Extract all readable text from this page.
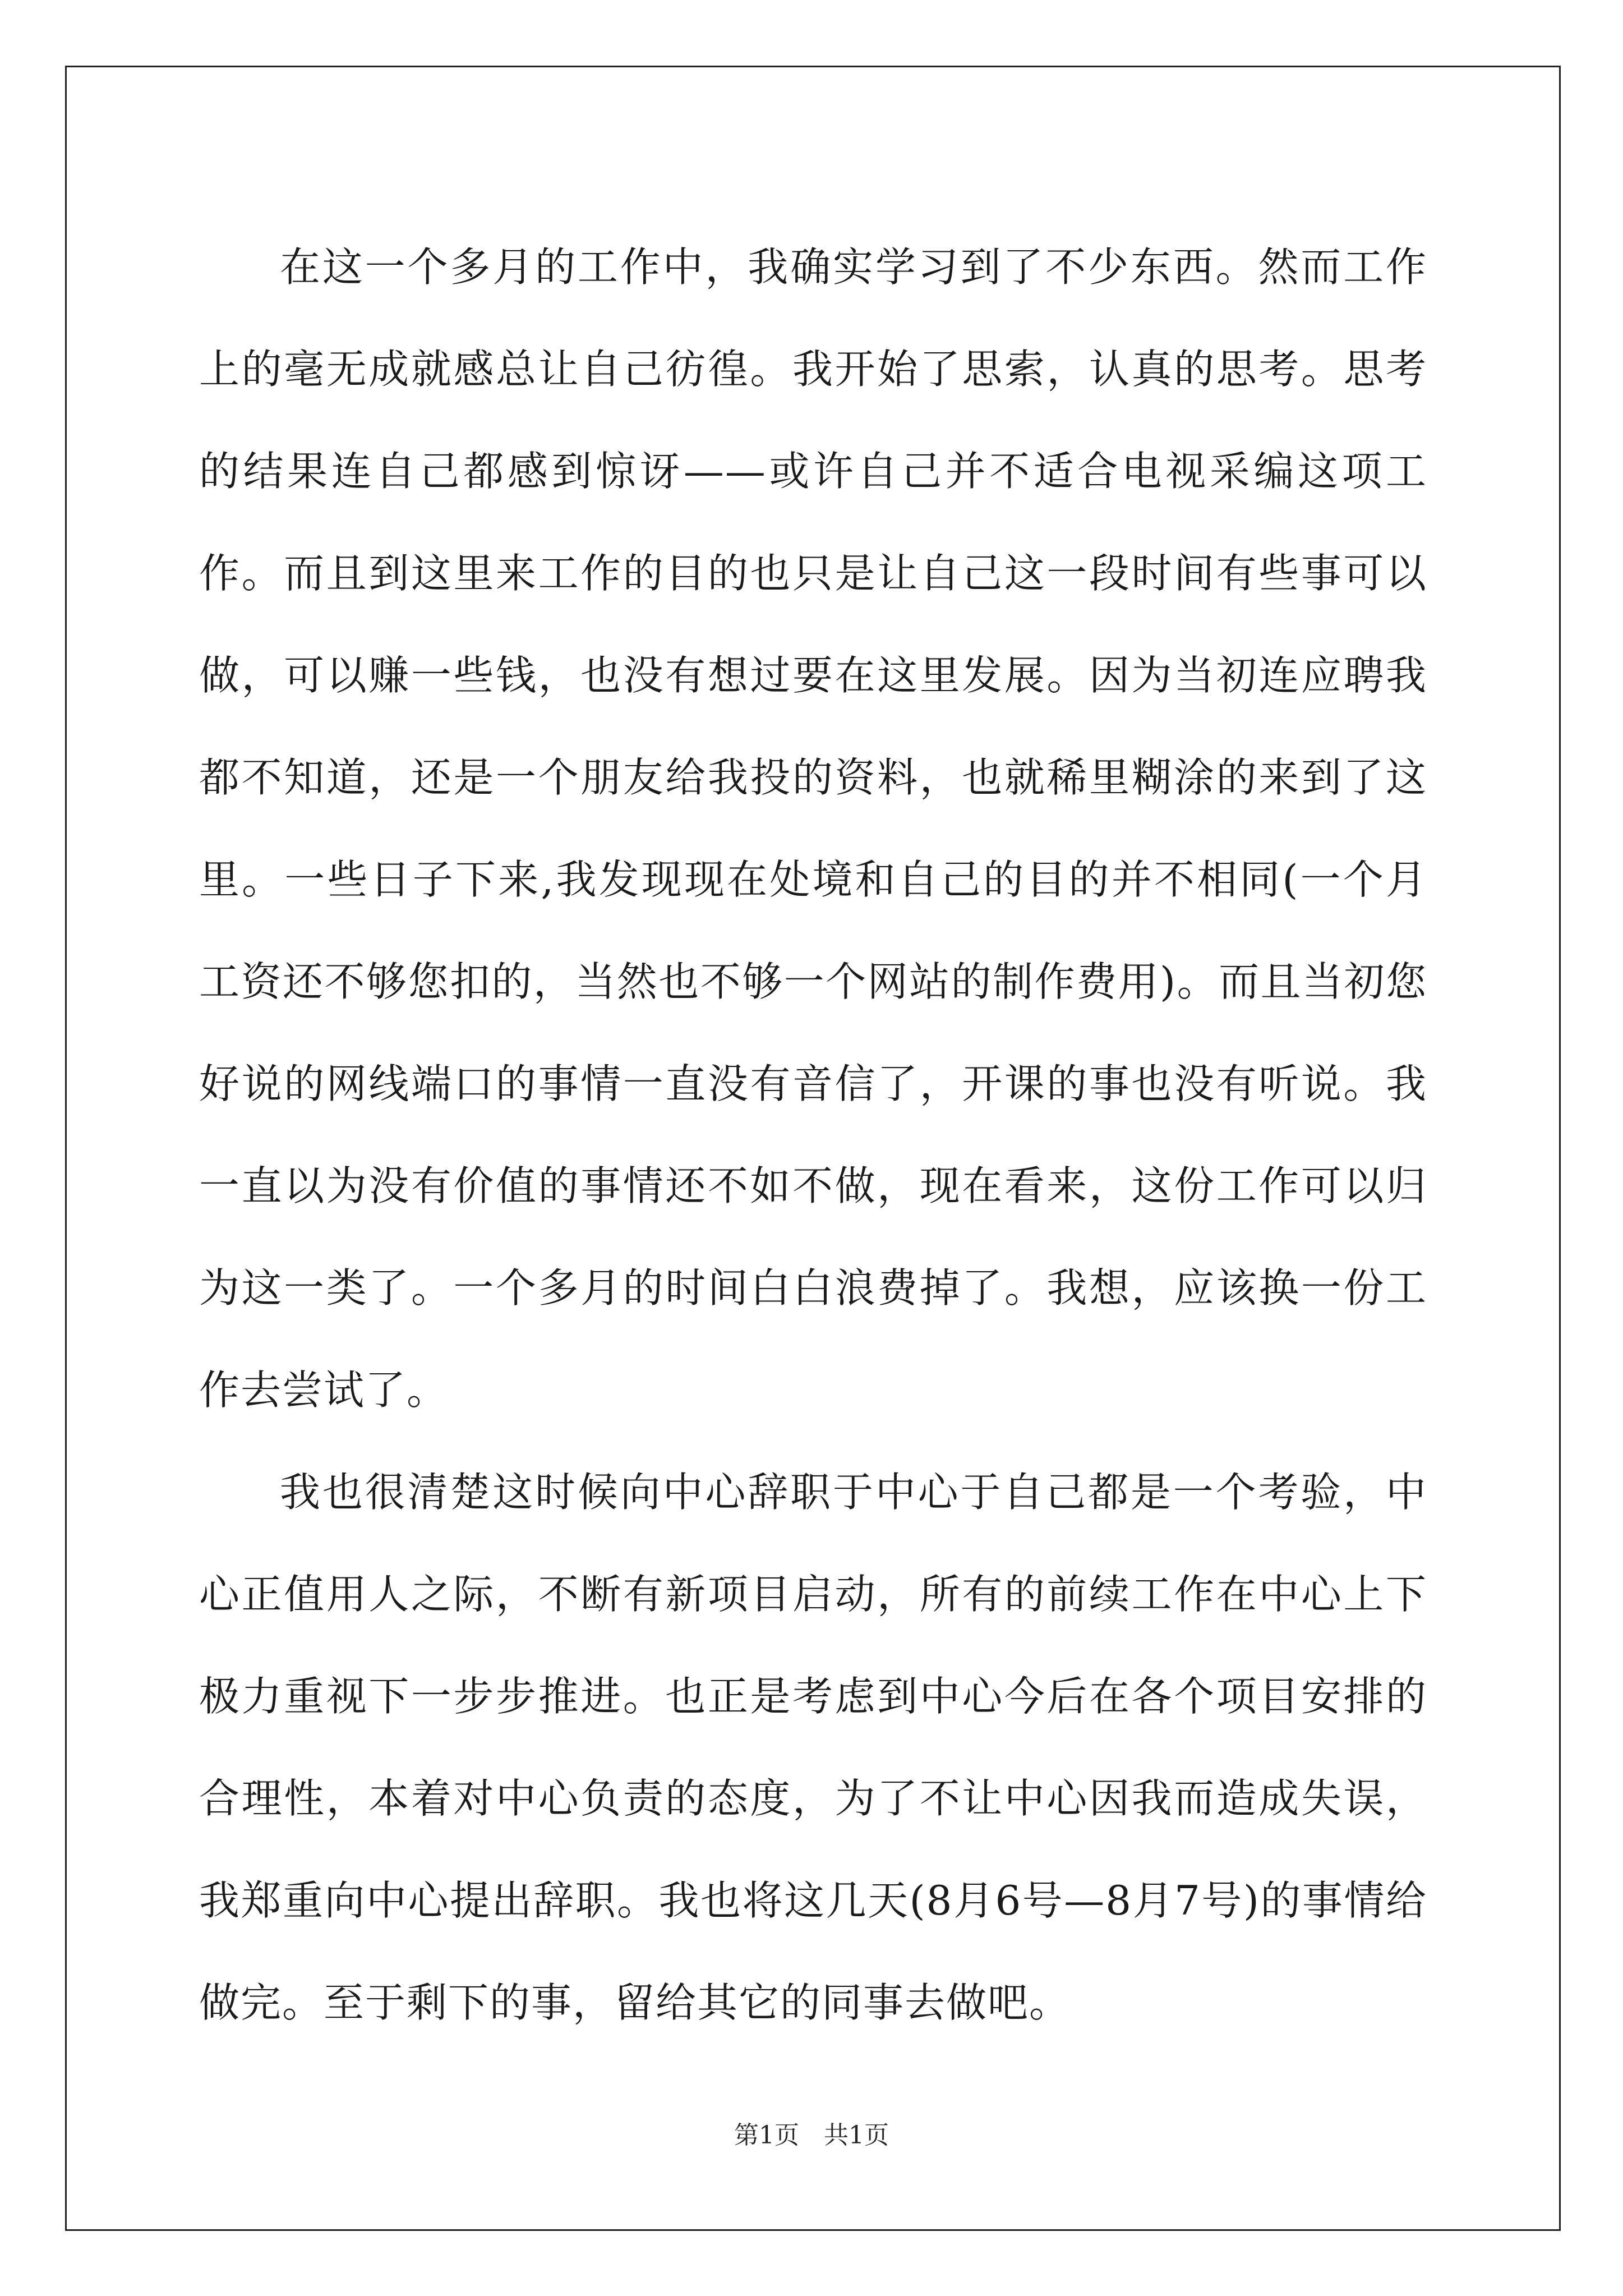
在这一个多月的工作中，我确实学习到了不少东西。然而工作上的毫无成就感总让自己彷徨。我开始了思索，认真的思考。思考的结果连自己都感到惊讶——或许自己并不适合电视采编这项工作。而且到这里来工作的目的也只是让自己这一段时间有些事可以做，可以赚一些钱，也没有想过要在这里发展。因为当初连应聘我都不知道，还是一个朋友给我投的资料，也就稀里糊涂的来到了这里。一些日子下来,我发现现在处境和自己的目的并不相同(一个月工资还不够您扣的，当然也不够一个网站的制作费用)。而且当初您好说的网线端口的事情一直没有音信了，开课的事也没有听说。我一直以为没有价值的事情还不如不做，现在看来，这份工作可以归为这一类了。一个多月的时间白白浪费掉了。我想，应该换一份工作去尝试了。

我也很清楚这时候向中心辞职于中心于自己都是一个考验，中心正值用人之际，不断有新项目启动，所有的前续工作在中心上下极力重视下一步步推进。也正是考虑到中心今后在各个项目安排的合理性，本着对中心负责的态度，为了不让中心因我而造成失误，我郑重向中心提出辞职。我也将这几天(8月6号—8月7号)的事情给做完。至于剩下的事，留给其它的同事去做吧。

第1页　共1页
